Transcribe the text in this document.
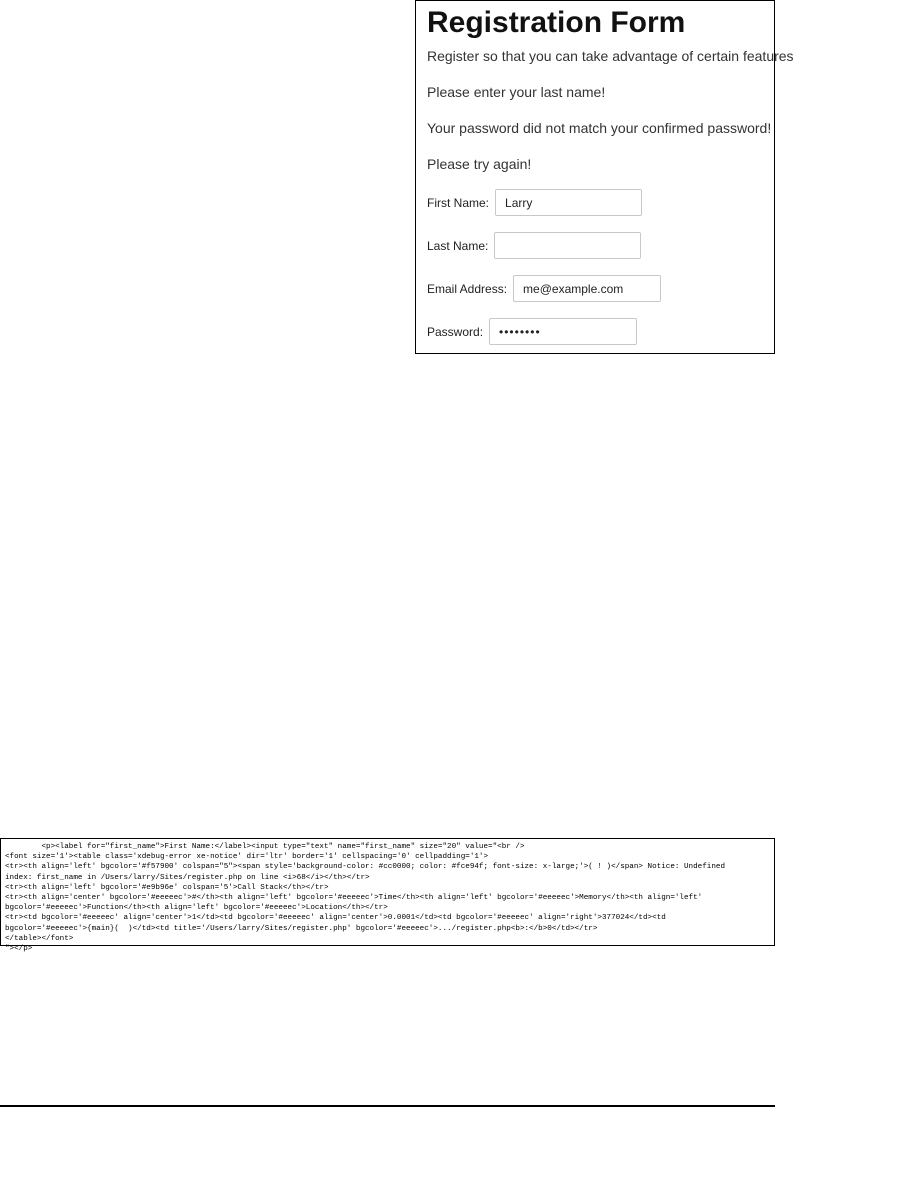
Registration Form

Register so that you can take advantage of certain features

Please enter your last name!

Your password did not match your confirmed password!

Please try again!

First Name:
Larry
Last Name:
Email Address:
me@example.com
Password:
••••••••
<p><label for="first_name">First Name:</label><input type="text" name="first_name" size="20" value="<br />
<font size='1'><table class='xdebug-error xe-notice' dir='ltr' border='1' cellspacing='0' cellpadding='1'>
<tr><th align='left' bgcolor='#f57900' colspan="5"><span style='background-color: #cc0000; color: #fce94f; font-size: x-large;'>( ! )</span> Notice: Undefined
index: first_name in /Users/larry/Sites/register.php on line <i>68</i></th></tr>
<tr><th align='left' bgcolor='#e9b96e' colspan='5'>Call Stack</th></tr>
<tr><th align='center' bgcolor='#eeeeec'>#</th><th align='left' bgcolor='#eeeeec'>Time</th><th align='left' bgcolor='#eeeeec'>Memory</th><th align='left'
bgcolor='#eeeeec'>Function</th><th align='left' bgcolor='#eeeeec'>Location</th></tr>
<tr><td bgcolor='#eeeeec' align='center'>1</td><td bgcolor='#eeeeec' align='center'>0.0001</td><td bgcolor='#eeeeec' align='right'>377024</td><td
bgcolor='#eeeeec'>{main}(  )</td><td title='/Users/larry/Sites/register.php' bgcolor='#eeeeec'>.../register.php<b>:</b>0</td></tr>
</table></font>
"></p>
